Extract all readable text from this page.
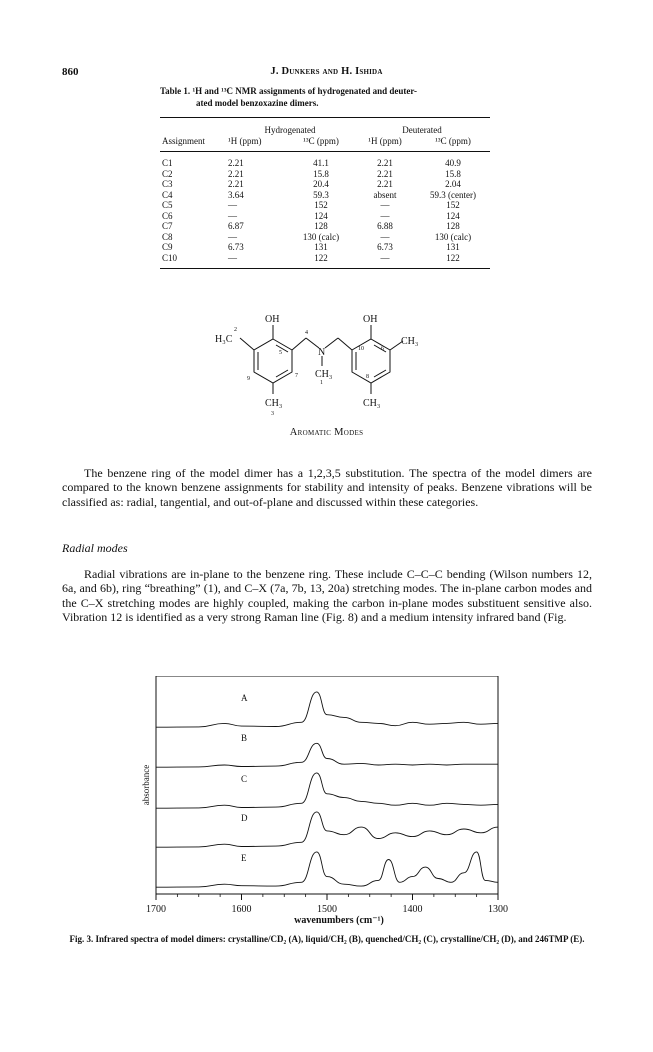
860	J. Dunkers and H. Ishida
Table 1. ¹H and ¹³C NMR assignments of hydrogenated and deuter-
ated model benzoxazine dimers.
	Hydrogenated		Deuterated	
Assignment	¹H (ppm)	¹³C (ppm)	¹H (ppm)	¹³C (ppm)
C1	2.21	41.1	2.21	40.9
C2	2.21	15.8	2.21	15.8
C3	2.21	20.4	2.21	2.04
C4	3.64	59.3	absent	59.3 (center)
C5	—	152	—	152
C6	—	124	—	124
C7	6.87	128	6.88	128
C8	—	130 (calc)	—	130 (calc)
C9	6.73	131	6.73	131
C10	—	122	—	122
OH	OH
H₃C	CH₃
CH₃	CH₃
N
CH₃
2	4
1
5
7
9
3
10	6
8
Aromatic Modes

The benzene ring of the model dimer has a 1,2,3,5 substitution. The spectra of the model dimers are compared to the known benzene assignments for stability and intensity of peaks. Benzene vibrations will be classified as: radial, tangential, and out-of-plane and discussed within these categories.

Radial modes

Radial vibrations are in-plane to the benzene ring. These include C–C–C bending (Wilson numbers 12, 6a, and 6b), ring “breathing” (1), and C–X (7a, 7b, 13, 20a) stretching modes. The in-plane carbon modes and the C–X stretching modes are highly coupled, making the carbon in-plane modes substituent sensitive also. Vibration 12 is identified as a very strong Raman line (Fig. 8) and a medium intensity infrared band (Fig.

A
B
C
D
E
1700	1600	1500	1400	1300
absorbance
wavenumbers (cm⁻¹)
Fig. 3. Infrared spectra of model dimers: crystalline/CD₂ (A), liquid/CH₂ (B), quenched/CH₂ (C), crystalline/CH₂ (D), and 246TMP (E).
